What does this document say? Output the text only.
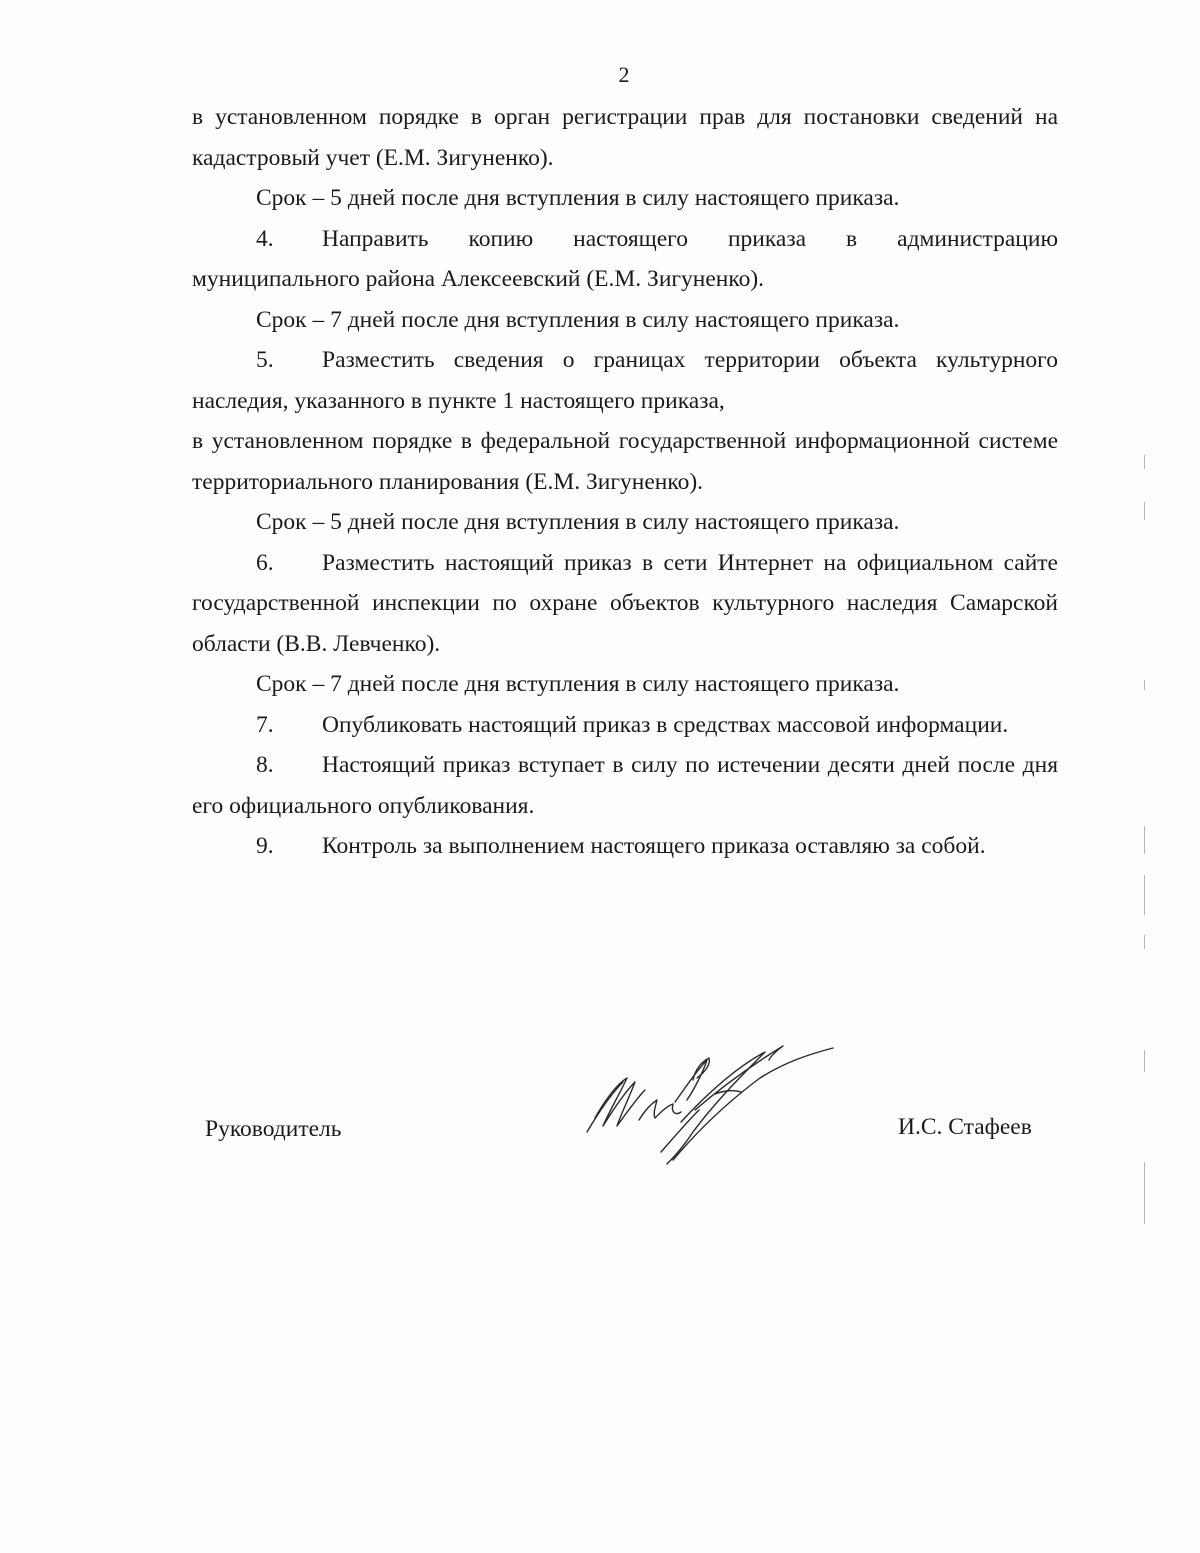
2

в установленном порядке в орган регистрации прав для постановки сведений на кадастровый учет (Е.М. Зигуненко).

Срок – 5 дней после дня вступления в силу настоящего приказа.

4. Направить копию настоящего приказа в администрацию муниципального района Алексеевский (Е.М. Зигуненко).

Срок – 7 дней после дня вступления в силу настоящего приказа.

5. Разместить сведения о границах территории объекта культурного наследия, указанного в пункте 1 настоящего приказа,

в установленном порядке в федеральной государственной информационной системе территориального планирования (Е.М. Зигуненко).

Срок – 5 дней после дня вступления в силу настоящего приказа.

6. Разместить настоящий приказ в сети Интернет на официальном сайте государственной инспекции по охране объектов культурного наследия Самарской области (В.В. Левченко).

Срок – 7 дней после дня вступления в силу настоящего приказа.

7. Опубликовать настоящий приказ в средствах массовой информации.

8. Настоящий приказ вступает в силу по истечении десяти дней после дня его официального опубликования.

9. Контроль за выполнением настоящего приказа оставляю за собой.

Руководитель	И.С. Стафеев
